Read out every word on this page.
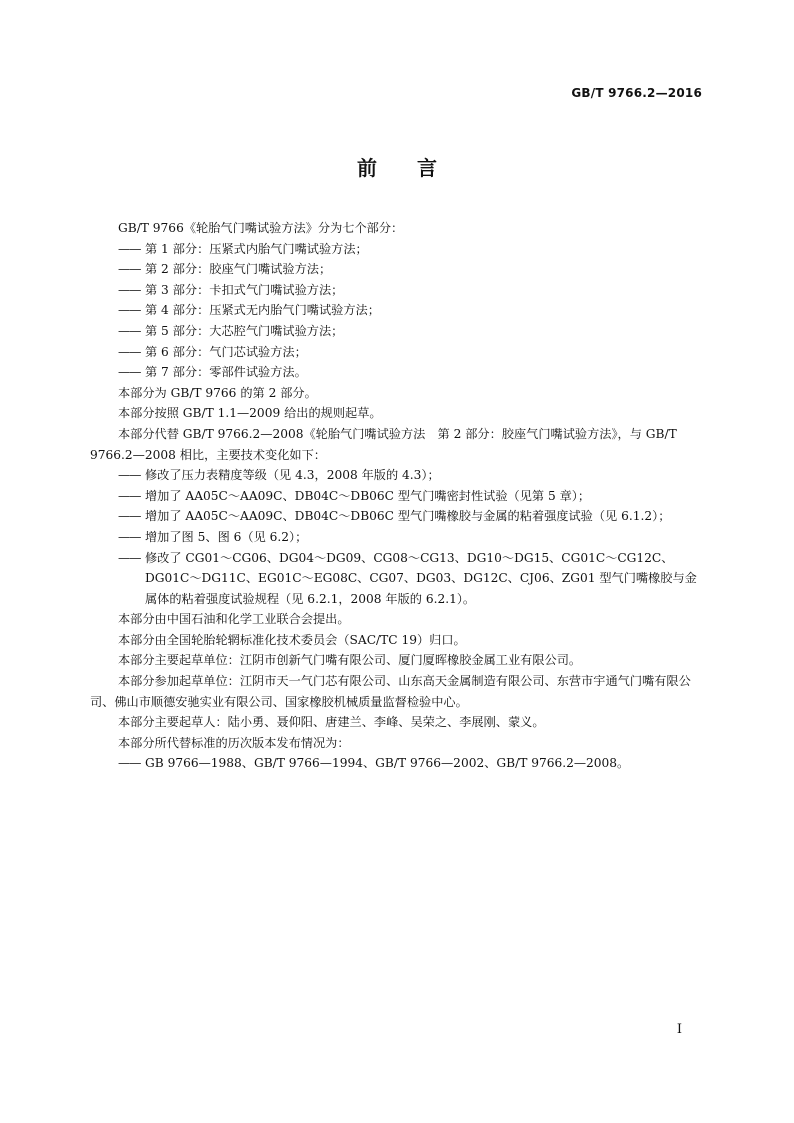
GB/T 9766.2—2016
前言

GB/T 9766《轮胎气门嘴试验方法》分为七个部分：

—— 第 1 部分：压紧式内胎气门嘴试验方法；
—— 第 2 部分：胶座气门嘴试验方法；
—— 第 3 部分：卡扣式气门嘴试验方法；
—— 第 4 部分：压紧式无内胎气门嘴试验方法；
—— 第 5 部分：大芯腔气门嘴试验方法；
—— 第 6 部分：气门芯试验方法；
—— 第 7 部分：零部件试验方法。

本部分为 GB/T 9766 的第 2 部分。

本部分按照 GB/T 1.1—2009 给出的规则起草。

本部分代替 GB/T 9766.2—2008《轮胎气门嘴试验方法　第 2 部分：胶座气门嘴试验方法》，与 GB/T 9766.2—2008 相比，主要技术变化如下：

—— 修改了压力表精度等级（见 4.3，2008 年版的 4.3）；
—— 增加了 AA05C～AA09C、DB04C～DB06C 型气门嘴密封性试验（见第 5 章）；
—— 增加了 AA05C～AA09C、DB04C～DB06C 型气门嘴橡胶与金属的粘着强度试验（见 6.1.2）；
—— 增加了图 5、图 6（见 6.2）；
—— 修改了 CG01～CG06、DG04～DG09、CG08～CG13、DG10～DG15、CG01C～CG12C、DG01C～DG11C、EG01C～EG08C、CG07、DG03、DG12C、CJ06、ZG01 型气门嘴橡胶与金属体的粘着强度试验规程（见 6.2.1，2008 年版的 6.2.1）。

本部分由中国石油和化学工业联合会提出。

本部分由全国轮胎轮辋标准化技术委员会（SAC/TC 19）归口。

本部分主要起草单位：江阴市创新气门嘴有限公司、厦门厦晖橡胶金属工业有限公司。

本部分参加起草单位：江阴市天一气门芯有限公司、山东高天金属制造有限公司、东营市宇通气门嘴有限公司、佛山市顺德安驰实业有限公司、国家橡胶机械质量监督检验中心。

本部分主要起草人：陆小勇、聂仰阳、唐建兰、李峰、吴荣之、李展刚、蒙义。

本部分所代替标准的历次版本发布情况为：

—— GB 9766—1988、GB/T 9766—1994、GB/T 9766—2002、GB/T 9766.2—2008。
I
